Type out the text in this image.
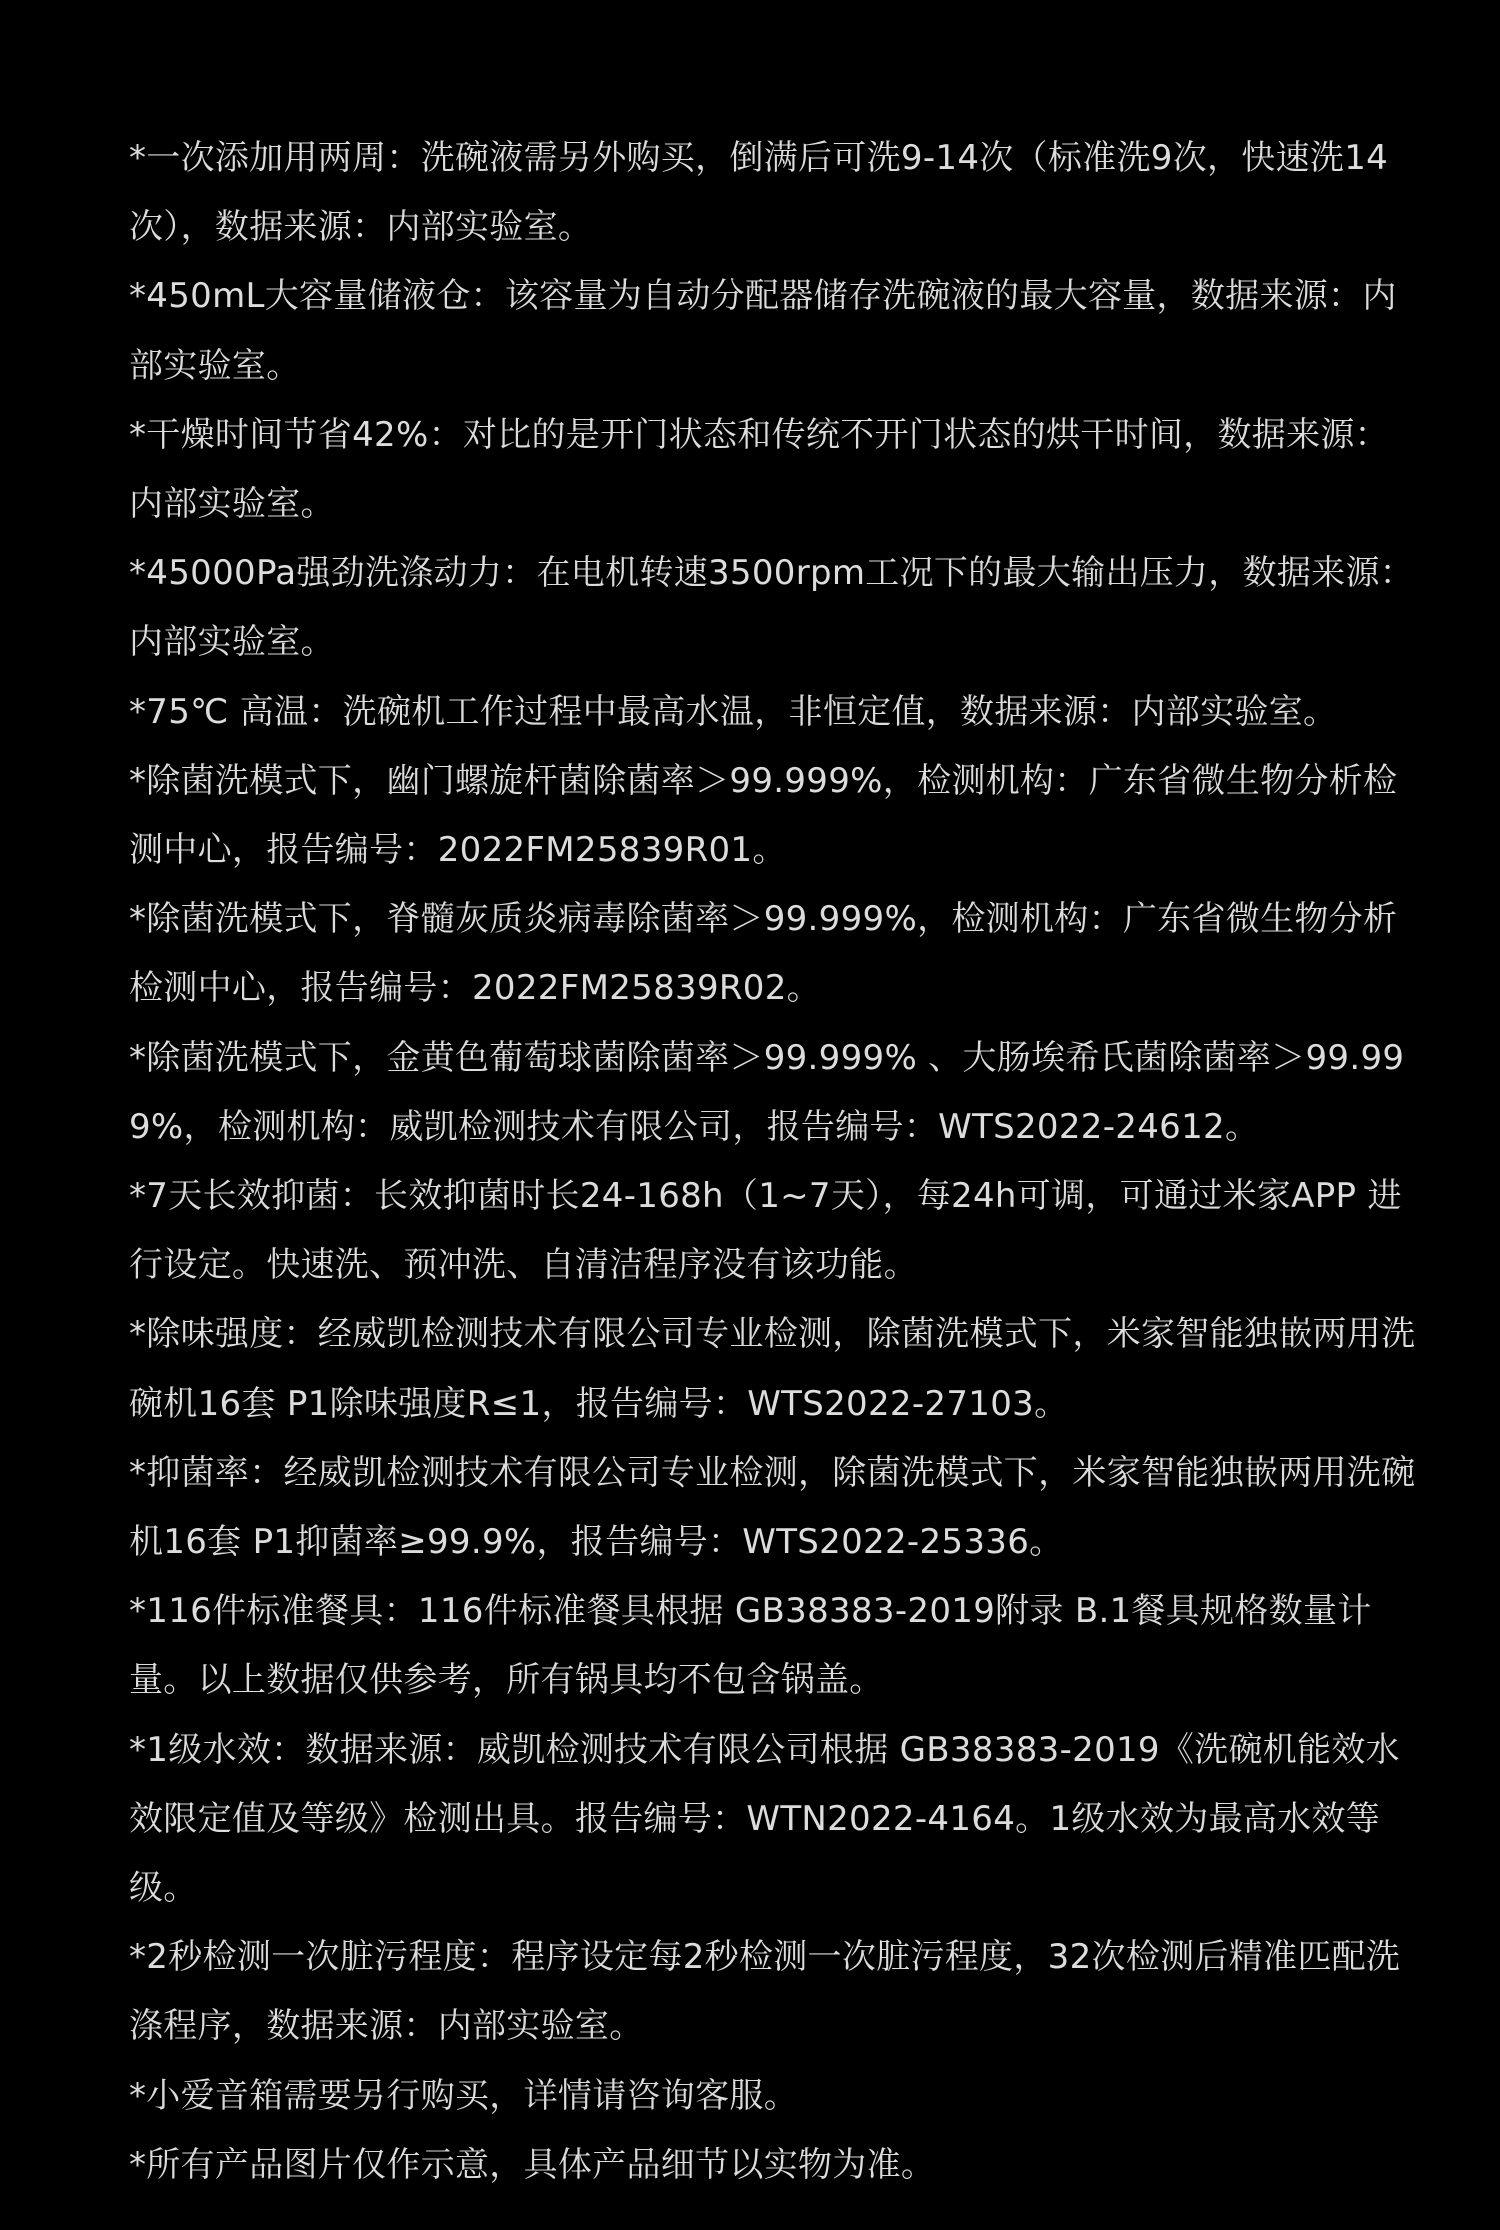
*一次添加用两周：洗碗液需另外购买，倒满后可洗9-14次（标准洗9次，快速洗14次），数据来源：内部实验室。

*450mL大容量储液仓：该容量为自动分配器储存洗碗液的最大容量，数据来源：内部实验室。

*干燥时间节省42%：对比的是开门状态和传统不开门状态的烘干时间，数据来源：内部实验室。

*45000Pa强劲洗涤动力：在电机转速3500rpm工况下的最大输出压力，数据来源：内部实验室。

*75℃ 高温：洗碗机工作过程中最高水温，非恒定值，数据来源：内部实验室。

*除菌洗模式下，幽门螺旋杆菌除菌率＞99.999%，检测机构：广东省微生物分析检测中心，报告编号：2022FM25839R01。

*除菌洗模式下，脊髓灰质炎病毒除菌率＞99.999%，检测机构：广东省微生物分析检测中心，报告编号：2022FM25839R02。

*除菌洗模式下，金黄色葡萄球菌除菌率＞99.999% 、大肠埃希氏菌除菌率＞99.999%，检测机构：威凯检测技术有限公司，报告编号：WTS2022-24612。

*7天长效抑菌：长效抑菌时长24-168h（1~7天），每24h可调，可通过米家APP 进行设定。快速洗、预冲洗、自清洁程序没有该功能。

*除味强度：经威凯检测技术有限公司专业检测，除菌洗模式下，米家智能独嵌两用洗碗机16套 P1除味强度R≤1，报告编号：WTS2022-27103。

*抑菌率：经威凯检测技术有限公司专业检测，除菌洗模式下，米家智能独嵌两用洗碗机16套 P1抑菌率≥99.9%，报告编号：WTS2022-25336。

*116件标准餐具：116件标准餐具根据 GB38383-2019附录 B.1餐具规格数量计量。以上数据仅供参考，所有锅具均不包含锅盖。

*1级水效：数据来源：威凯检测技术有限公司根据 GB38383-2019《洗碗机能效水效限定值及等级》检测出具。报告编号：WTN2022-4164。1级水效为最高水效等级。

*2秒检测一次脏污程度：程序设定每2秒检测一次脏污程度，32次检测后精准匹配洗涤程序，数据来源：内部实验室。

*小爱音箱需要另行购买，详情请咨询客服。

*所有产品图片仅作示意，具体产品细节以实物为准。
